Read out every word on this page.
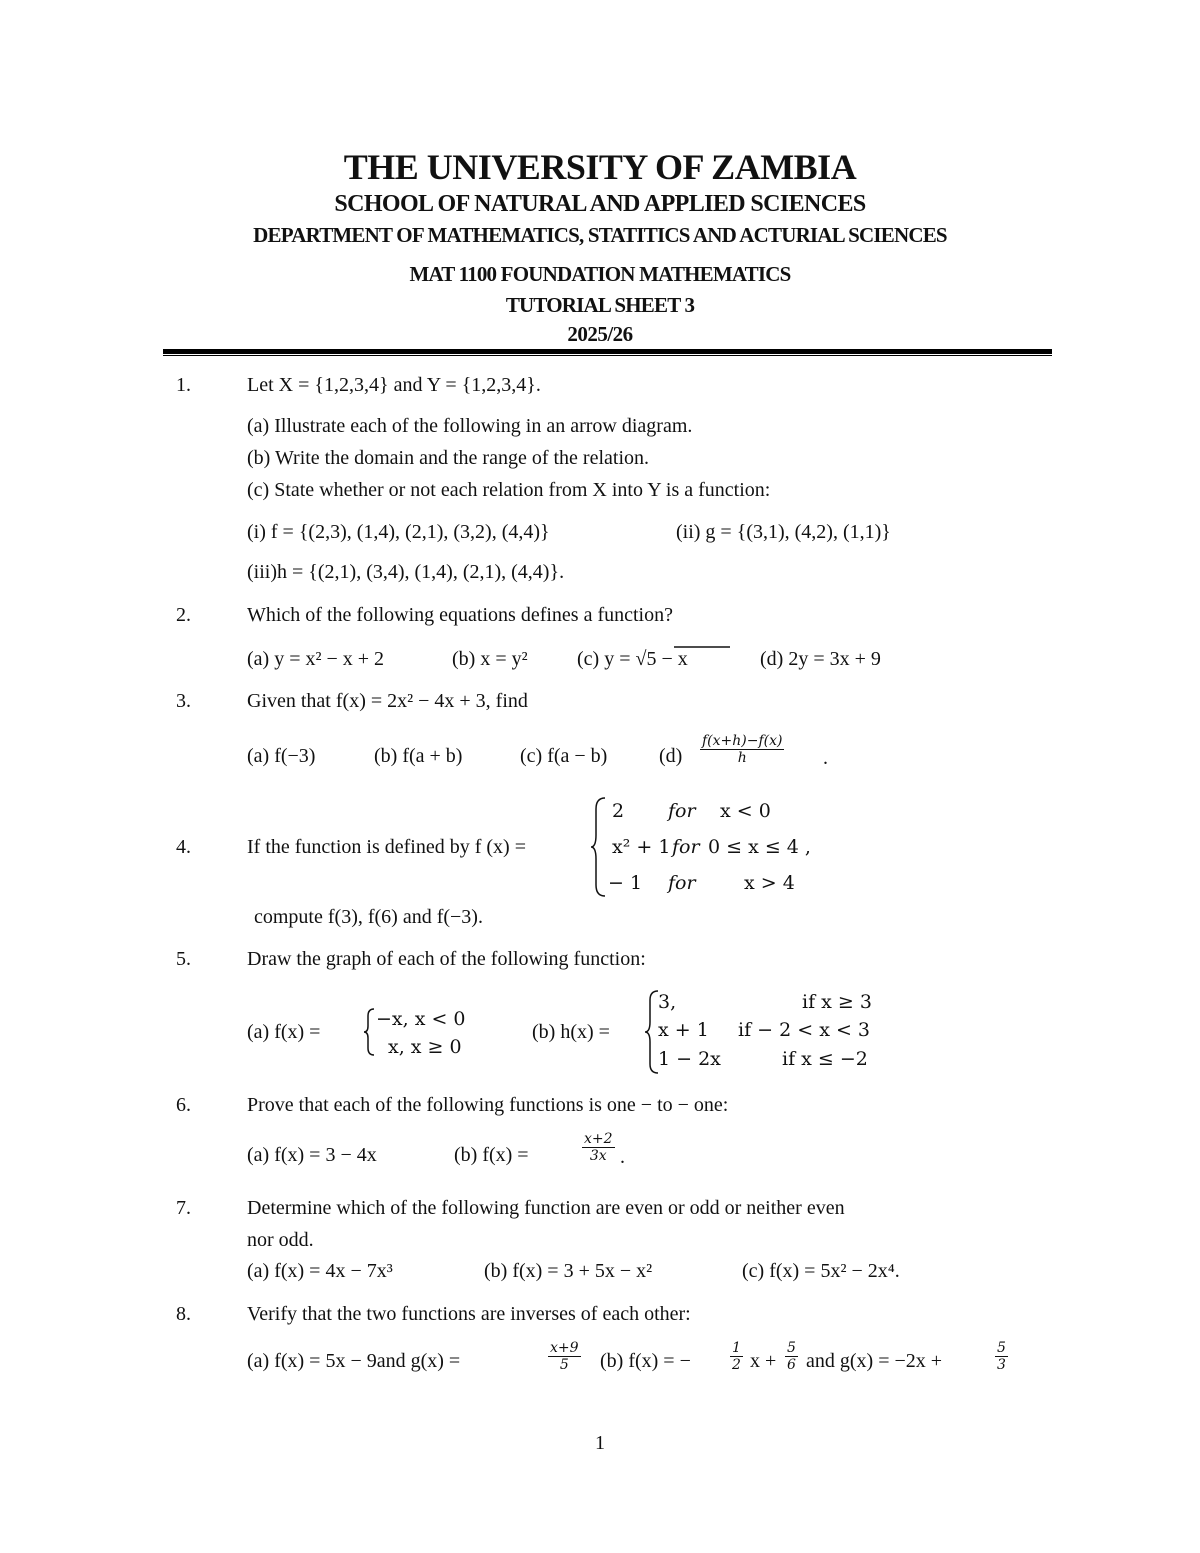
THE UNIVERSITY OF ZAMBIA
SCHOOL OF NATURAL AND APPLIED SCIENCES
DEPARTMENT OF MATHEMATICS, STATITICS AND ACTURIAL SCIENCES
MAT 1100 FOUNDATION MATHEMATICS
TUTORIAL SHEET 3
2025/26
1.	Let X = {1,2,3,4} and Y = {1,2,3,4}.
(a) Illustrate each of the following in an arrow diagram.
(b) Write the domain and the range of the relation.
(c) State whether or not each relation from X into Y is a function:
(i) f = {(2,3), (1,4), (2,1), (3,2), (4,4)}	(ii) g = {(3,1), (4,2), (1,1)}
(iii)h = {(2,1), (3,4), (1,4), (2,1), (4,4)}.
2.	Which of the following equations defines a function?
(a) y = x² − x + 2	(b) x = y² (c) y = √5 − x	(d) 2y = 3x + 9
3.	Given that f(x) = 2x² − 4x + 3, find
(a) f(−3)	(b) f(a + b)	(c) f(a − b)	$(d) \frac{f(x+h)-f(x)}{h}$ .
4.	If the function is defined by f (x) =
2 for x < 0
x² + 1 for 0 ≤ x ≤ 4 ,
− 1 for	x > 4
compute f(3), f(6) and f(−3).
5.	Draw the graph of each of the following function:
(a) f(x) =
−x, x < 0
x, x ≥ 0
(b) h(x) =
3,	if x ≥ 3
x + 1 if − 2 < x < 3
1 − 2x	if x ≤ −2
6.	Prove that each of the following functions is one − to − one:
(a) f(x) = 3 − 4x	(b) f(x) =	$\frac{x+2}{3x}$ .
7.	Determine which of the following function are even or odd or neither even
nor odd.
(a) f(x) = 4x − 7x³	(b) f(x) = 3 + 5x − x²	(c) f(x) = 5x² − 2x⁴.
8.	Verify that the two functions are inverses of each other:
(a) f(x) = 5x − 9and g(x) =	$\frac{x+9}{5} (b) f(x)$ = −	$\frac{1}{2}$ $x + \frac{5}{6}$ and g(x) = −2x +	$\frac{5}{3}$
1
